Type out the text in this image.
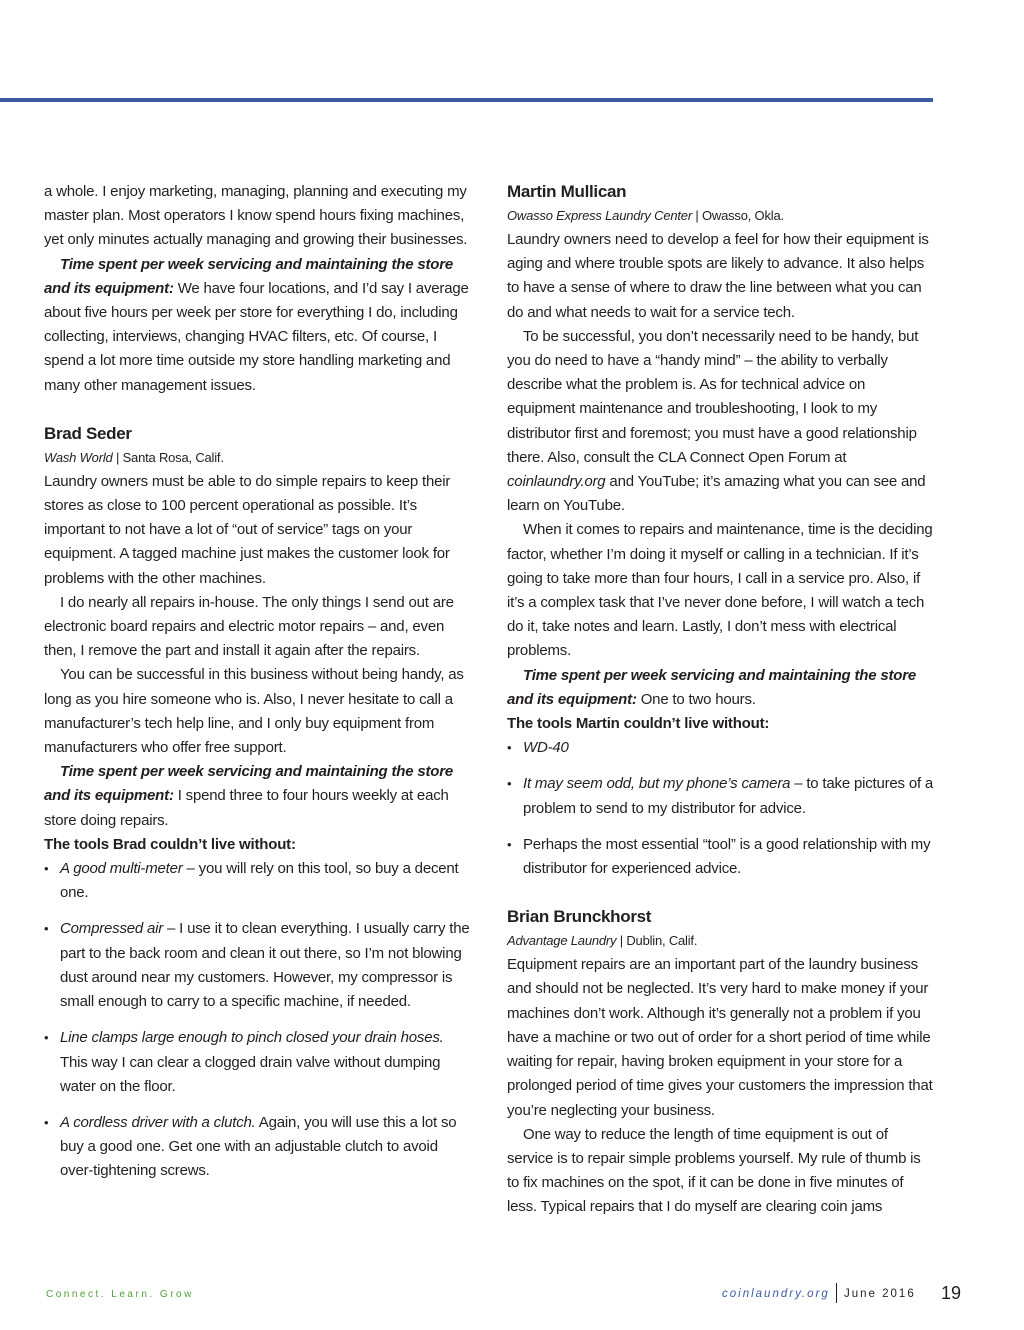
a whole. I enjoy marketing, managing, planning and executing my master plan. Most operators I know spend hours fixing machines, yet only minutes actually managing and growing their businesses.

Time spent per week servicing and maintaining the store and its equipment: We have four locations, and I’d say I average about five hours per week per store for everything I do, including collecting, interviews, changing HVAC filters, etc. Of course, I spend a lot more time outside my store handling marketing and many other management issues.

Brad Seder

Wash World | Santa Rosa, Calif.

Laundry owners must be able to do simple repairs to keep their stores as close to 100 percent operational as possible. It’s important to not have a lot of “out of service” tags on your equipment. A tagged machine just makes the customer look for problems with the other machines.

I do nearly all repairs in-house. The only things I send out are electronic board repairs and electric motor repairs – and, even then, I remove the part and install it again after the repairs.

You can be successful in this business without being handy, as long as you hire someone who is. Also, I never hesitate to call a manufacturer’s tech help line, and I only buy equipment from manufacturers who offer free support.

Time spent per week servicing and maintaining the store and its equipment: I spend three to four hours weekly at each store doing repairs.

The tools Brad couldn’t live without:

• A good multi-meter – you will rely on this tool, so buy a decent one.
• Compressed air – I use it to clean everything. I usually carry the part to the back room and clean it out there, so I’m not blowing dust around near my customers. However, my compressor is small enough to carry to a specific machine, if needed.
• Line clamps large enough to pinch closed your drain hoses. This way I can clear a clogged drain valve without dumping water on the floor.
• A cordless driver with a clutch. Again, you will use this a lot so buy a good one. Get one with an adjustable clutch to avoid over-tightening screws.

Martin Mullican

Owasso Express Laundry Center | Owasso, Okla.

Laundry owners need to develop a feel for how their equipment is aging and where trouble spots are likely to advance. It also helps to have a sense of where to draw the line between what you can do and what needs to wait for a service tech.

To be successful, you don’t necessarily need to be handy, but you do need to have a “handy mind” – the ability to verbally describe what the problem is. As for technical advice on equipment maintenance and troubleshooting, I look to my distributor first and foremost; you must have a good relationship there. Also, consult the CLA Connect Open Forum at coinlaundry.org and YouTube; it’s amazing what you can see and learn on YouTube.

When it comes to repairs and maintenance, time is the deciding factor, whether I’m doing it myself or calling in a technician. If it’s going to take more than four hours, I call in a service pro. Also, if it’s a complex task that I’ve never done before, I will watch a tech do it, take notes and learn. Lastly, I don’t mess with electrical problems.

Time spent per week servicing and maintaining the store and its equipment: One to two hours.

The tools Martin couldn’t live without:

• WD-40
• It may seem odd, but my phone’s camera – to take pictures of a problem to send to my distributor for advice.
• Perhaps the most essential “tool” is a good relationship with my distributor for experienced advice.

Brian Brunckhorst

Advantage Laundry | Dublin, Calif.

Equipment repairs are an important part of the laundry business and should not be neglected. It’s very hard to make money if your machines don’t work. Although it’s generally not a problem if you have a machine or two out of order for a short period of time while waiting for repair, having broken equipment in your store for a prolonged period of time gives your customers the impression that you’re neglecting your business.

One way to reduce the length of time equipment is out of service is to repair simple problems yourself. My rule of thumb is to fix machines on the spot, if it can be done in five minutes of less. Typical repairs that I do myself are clearing coin jams

Connect. Learn. Grow	coinlaundry.org June 2016 19
